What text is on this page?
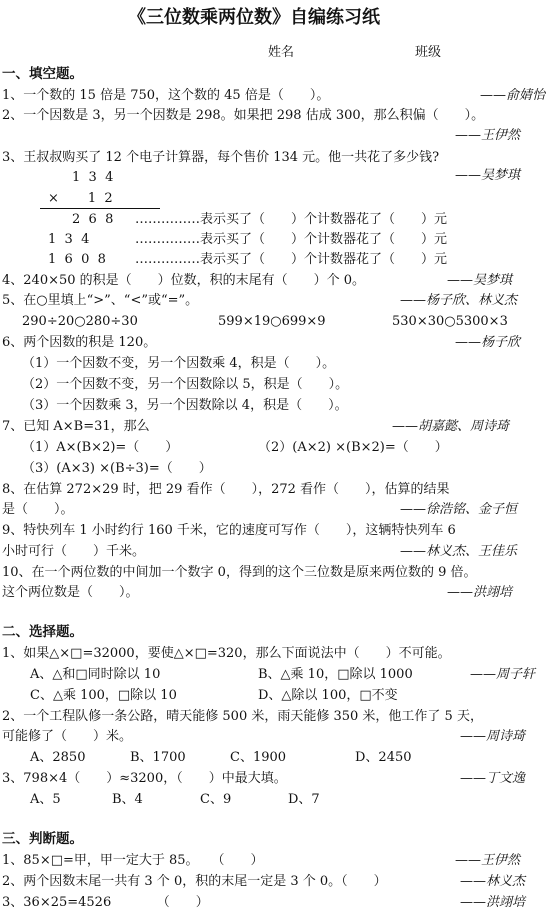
《三位数乘两位数》自编练习纸
姓名	班级
一、填空题。
1、一个数的 15 倍是 750，这个数的 45 倍是（　　）。	——俞婧怡
2、一个因数是 3，另一个因数是 298。如果把 298 估成 300，那么积偏（　　）。
——王伊然
3、王叔叔购买了 12 个电子计算器，每个售价 134 元。他一共花了多少钱?
——吴梦琪
1  3  4
×       1  2
2  6  8 ……………表示买了（　　）个计数器花了（　　）元
1  3  4	……………表示买了（　　）个计数器花了（　　）元
1  6  0  8 ……………表示买了（　　）个计数器花了（　　）元
4、240×50 的积是（　　）位数，积的末尾有（　　）个 0。	——吴梦琪
5、在○里填上“>”、“<”或“=”。	——杨子欣、林义杰
290÷20○280÷30	599×19○699×9	530×30○5300×3
6、两个因数的积是 120。	——杨子欣
（1）一个因数不变，另一个因数乘 4，积是（　　）。
（2）一个因数不变，另一个因数除以 5，积是（　　）。
（3）一个因数乘 3，另一个因数除以 4，积是（　　）。
7、已知 A×B=31，那么	——胡嘉懿、周诗琦
（1）A×(B×2)=（　　）	（2）(A×2) ×(B×2)=（　　）
（3）(A×3) ×(B÷3)=（　　）
8、在估算 272×29 时，把 29 看作（　　），272 看作（　　），估算的结果
是（　　）。	——徐浩铭、金子恒
9、特快列车 1 小时约行 160 千米，它的速度可写作（　　），这辆特快列车 6
小时可行（　　）千米。	——林义杰、王佳乐
10、在一个两位数的中间加一个数字 0，得到的这个三位数是原来两位数的 9 倍。
这个两位数是（　　）。	——洪翊培
二、选择题。
1、如果△×□=32000，要使△×□=320，那么下面说法中（　　）不可能。
A、△和□同时除以 10	B、△乘 10，□除以 1000	——周子轩
C、△乘 100，□除以 10	D、△除以 100，□不变
2、一个工程队修一条公路，晴天能修 500 米，雨天能修 350 米，他工作了 5 天，
可能修了（　　）米。	——周诗琦
A、2850	B、1700	C、1900	D、2450
3、798×4（　　）≈3200，（　　）中最大填。	——丁文逸
A、5	B、4	C、9	D、7
三、判断题。
1、85×□=甲，甲一定大于 85。　　（　　）	——王伊然
2、两个因数末尾一共有 3 个 0，积的末尾一定是 3 个 0。（　　）	——林义杰
3、36×25=4526　　　　（　　）	——洪翊培
